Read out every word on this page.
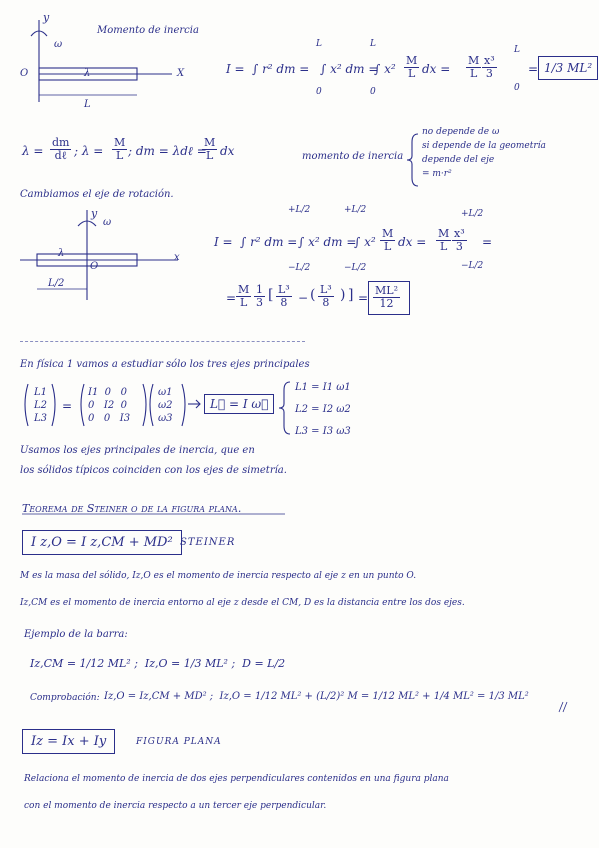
Momento de inercia
y
ω
O	X
λ
L
I = ∫ r² dm =
L
0
∫ x² dm =
L
0
∫ $x^2 \frac{M}{L}$ dx = $\frac{M}{L} \frac{\text{x³}}{3}$
L
0
= 1/3 ML²
λ =
dm
dℓ ; $\lambda = \frac{M}{L}$ ; dm = λdℓ =
$\frac{M}{L}$ dx	momento de inercia
no depende de ω
si depende de la geometría
depende del eje
= m·r²
Cambiamos el eje de rotación.
y
ω
λ
O
x
L/2
I = ∫ r² dm =
+L/2
−L/2
∫ x² dm =
+L/2
−L/2
∫ $x^2 \frac{M}{L}$ dx = $\frac{M}{L} \frac{\text{x³}}{3}$
+L/2
−L/2
=
= $\frac{M}{L} \frac{1}{3}$ [ $\frac{\text{L³}}{8}$ − ( $\frac{\text{L³}}{8}$ ) ] = $\frac{\text{ML²}}{12}$
En física 1 vamos a estudiar sólo los tres ejes principales
L1
L2
L3
=
I1  0   0
0   I2  0
0   0   I3
ω1
ω2
ω3
L⃗ = I ω⃗
L1 = I1 ω1
L2 = I2 ω2
L3 = I3 ω3
Usamos los ejes principales de inercia, que en
los sólidos típicos coinciden con los ejes de simetría.
Teorema de Steiner o de la figura plana.
I z,O = I z,CM + MD² STEINER
M es la masa del sólido, Iz,O es el momento de inercia respecto al eje z en un punto O.
Iz,CM es el momento de inercia entorno al eje z desde el CM, D es la distancia entre los dos ejes.
Ejemplo de la barra:
Iz,CM = 1/12 ML² ;  Iz,O = 1/3 ML² ;  D = L/2
Comprobación: Iz,O = Iz,CM + MD² ;  Iz,O = 1/12 ML² + (L/2)² M = 1/12 ML² + 1/4 ML² = 1/3 ML²
Iz = Ix + Iy	FIGURA PLANA
Relaciona el momento de inercia de dos ejes perpendiculares contenidos en una figura plana
con el momento de inercia respecto a un tercer eje perpendicular.
